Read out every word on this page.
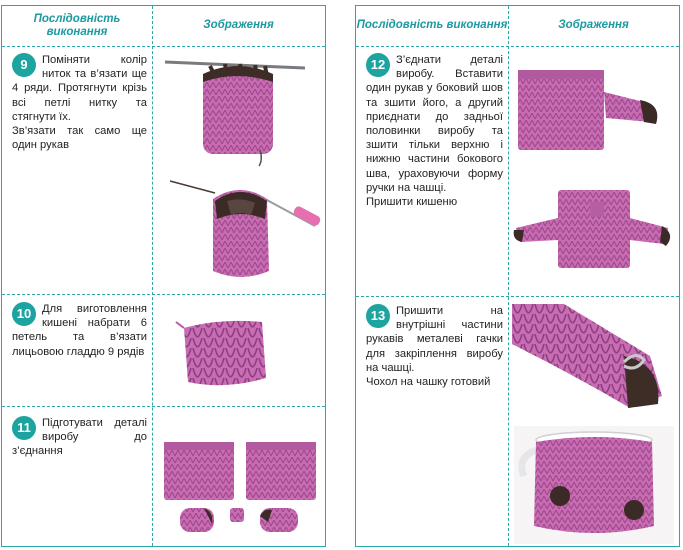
Послідовність виконання
Зображення
9	Поміняти колір ниток та в’язати ще 4 ряди. Протягнути крізь всі петлі нитку та стягнути їх.

Зв’язати так само ще один рукав

10 Для виготовлення кишені набрати 6 петель та в’язати лицьовою гладдю 9 рядів

11 Підготувати деталі виробу до з’єднання

Послідовність виконання	Зображення
12 З’єднати деталі виробу. Вставити один рукав у боковий шов та зшити його, а другий приєднати до задньої половинки виробу та зшити тільки верхню і нижню частини бокового шва, ураховуючи форму ручки на чашці.

Пришити кишеню

13 Пришити на внутрішні частини рукавів металеві гачки для закріплення виробу на чашці.

Чохол на чашку готовий
